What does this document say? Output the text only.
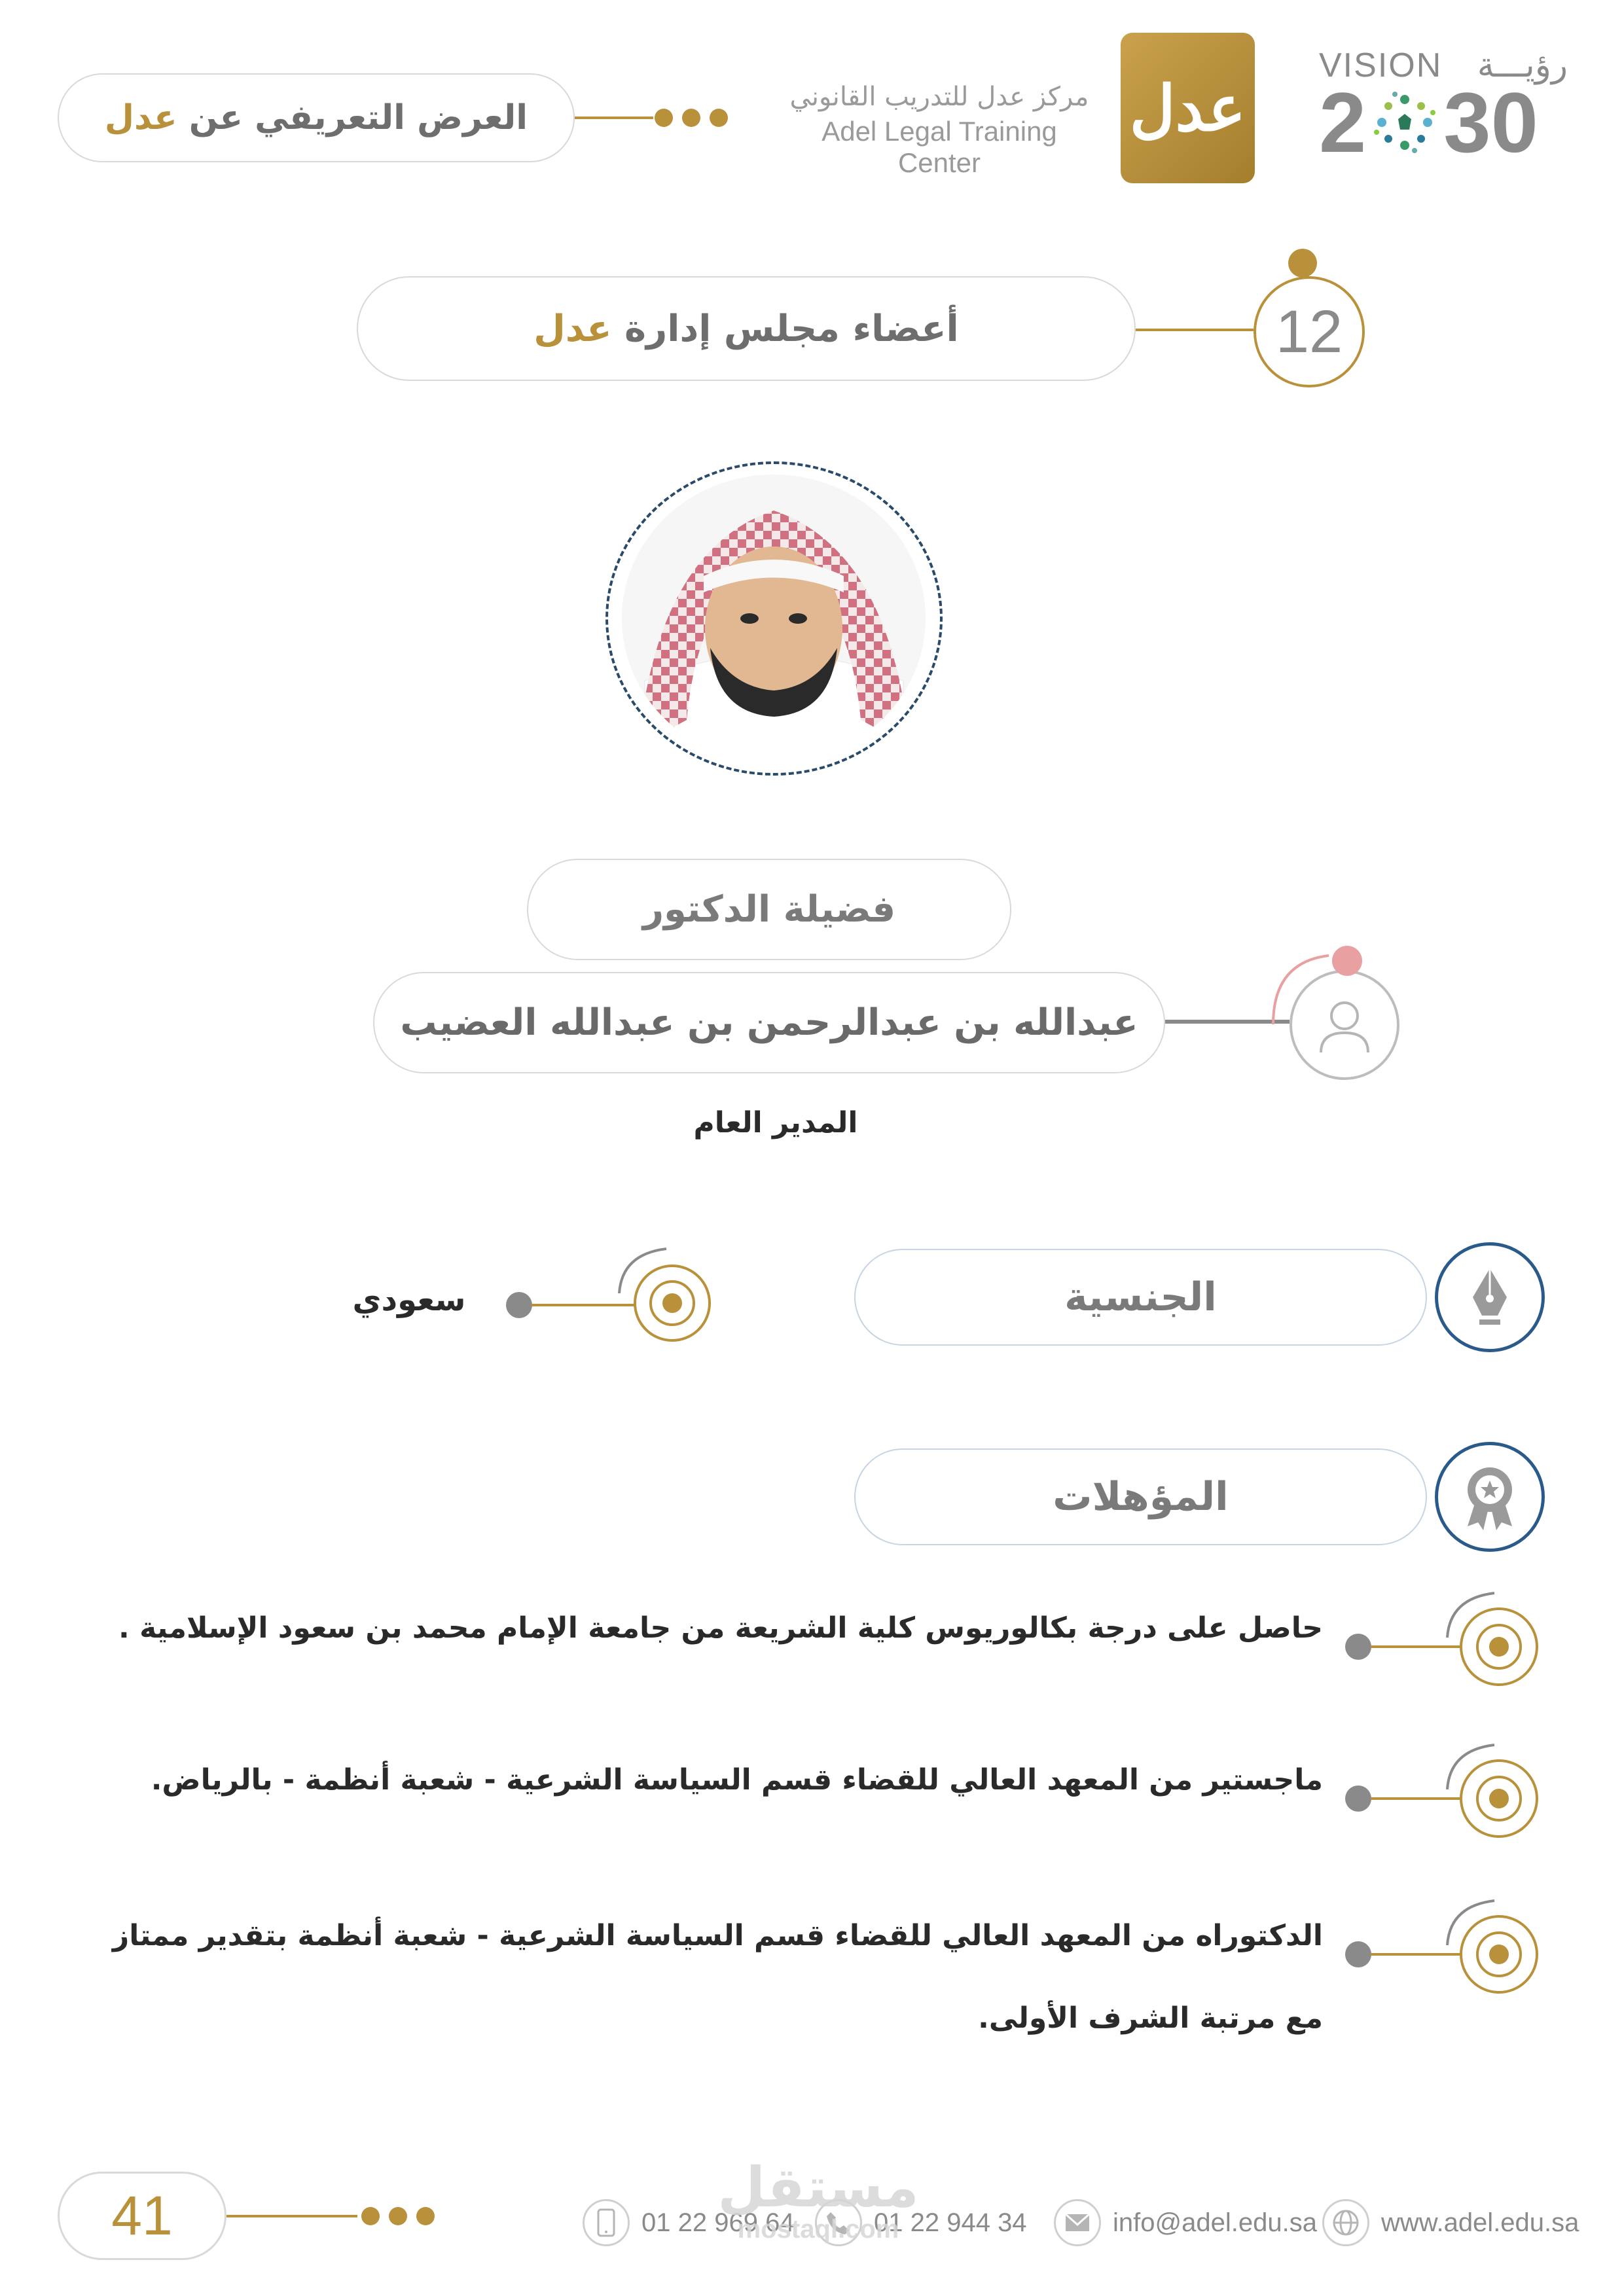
العرض التعريفي عن عدل
مركز عدل للتدريب القانوني
Adel Legal Training Center
عدل
VISION رؤيـــة
2 30
أعضاء مجلس إدارة عدل	12
فضيلة الدكتور
عبدالله بن عبدالرحمن بن عبدالله العضيب
المدير العام
الجنسية
سعودي
المؤهلات
حاصل على درجة بكالوريوس كلية الشريعة من جامعة الإمام محمد بن سعود الإسلامية .
ماجستير من المعهد العالي للقضاء قسم السياسة الشرعية - شعبة أنظمة - بالرياض.
الدكتوراه من المعهد العالي للقضاء قسم السياسة الشرعية - شعبة أنظمة بتقدير ممتاز
مع مرتبة الشرف الأولى.
41	01 22 969 64	01 22 944 34	info@adel.edu.sa www.adel.edu.sa
مستقل
mostaql.com
